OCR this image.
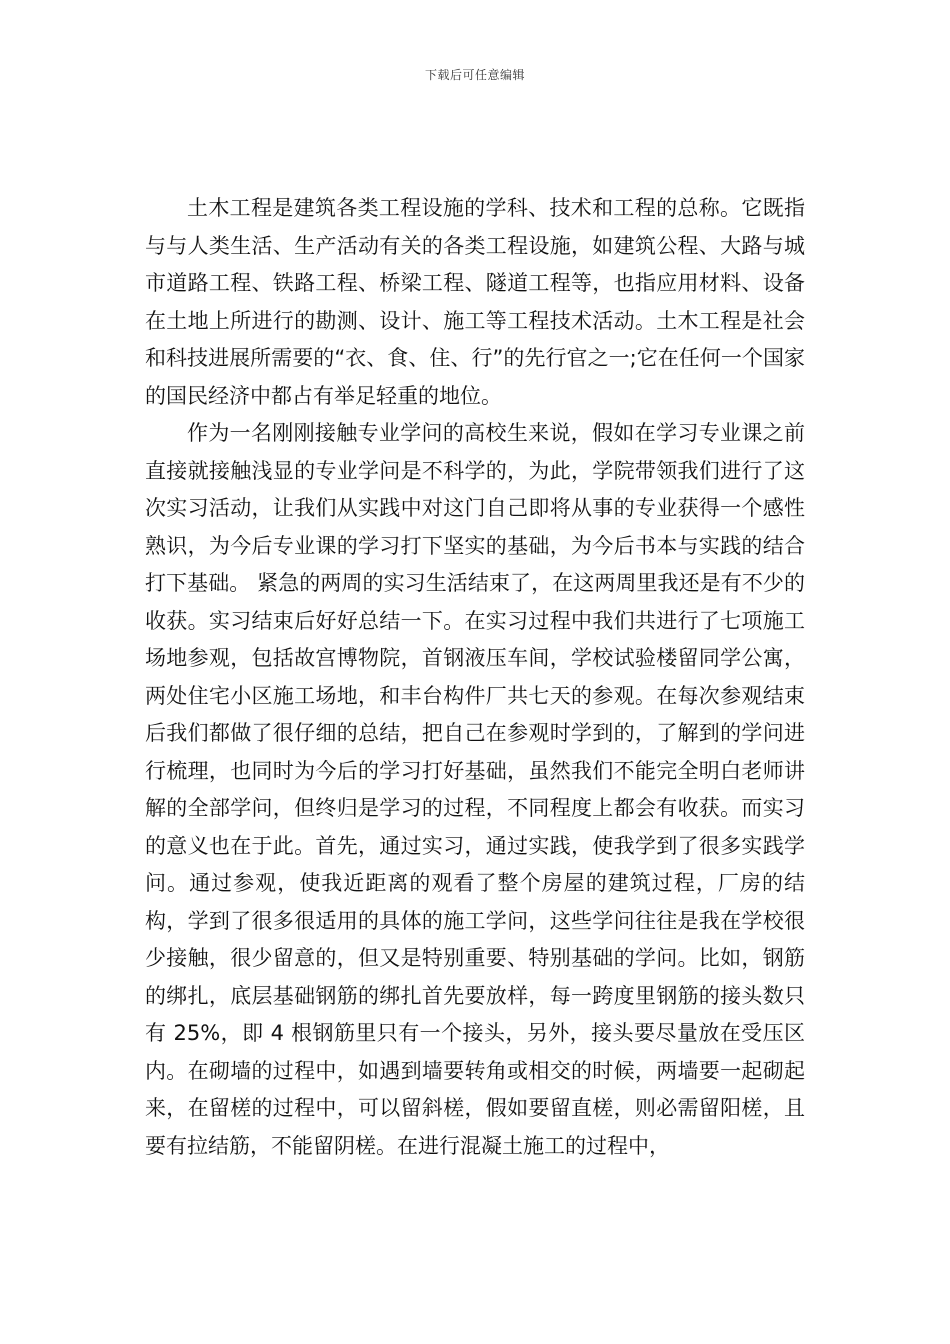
下载后可任意编辑

土木工程是建筑各类工程设施的学科、技术和工程的总称。它既指与与人类生活、生产活动有关的各类工程设施，如建筑公程、大路与城市道路工程、铁路工程、桥梁工程、隧道工程等，也指应用材料、设备在土地上所进行的勘测、设计、施工等工程技术活动。土木工程是社会和科技进展所需要的“衣、食、住、行”的先行官之一;它在任何一个国家的国民经济中都占有举足轻重的地位。

作为一名刚刚接触专业学问的高校生来说，假如在学习专业课之前直接就接触浅显的专业学问是不科学的，为此，学院带领我们进行了这次实习活动，让我们从实践中对这门自己即将从事的专业获得一个感性熟识，为今后专业课的学习打下坚实的基础，为今后书本与实践的结合打下基础。 紧急的两周的实习生活结束了，在这两周里我还是有不少的收获。实习结束后好好总结一下。在实习过程中我们共进行了七项施工场地参观，包括故宫博物院，首钢液压车间，学校试验楼留同学公寓，两处住宅小区施工场地，和丰台构件厂共七天的参观。在每次参观结束后我们都做了很仔细的总结，把自己在参观时学到的，了解到的学问进行梳理，也同时为今后的学习打好基础，虽然我们不能完全明白老师讲解的全部学问，但终归是学习的过程，不同程度上都会有收获。而实习的意义也在于此。首先，通过实习，通过实践，使我学到了很多实践学问。通过参观，使我近距离的观看了整个房屋的建筑过程，厂房的结构，学到了很多很适用的具体的施工学问，这些学问往往是我在学校很少接触，很少留意的，但又是特别重要、特别基础的学问。比如，钢筋的绑扎，底层基础钢筋的绑扎首先要放样，每一跨度里钢筋的接头数只有 25%，即 4 根钢筋里只有一个接头，另外，接头要尽量放在受压区内。在砌墙的过程中，如遇到墙要转角或相交的时候，两墙要一起砌起来，在留槎的过程中，可以留斜槎，假如要留直槎，则必需留阳槎，且要有拉结筋，不能留阴槎。在进行混凝土施工的过程中，
